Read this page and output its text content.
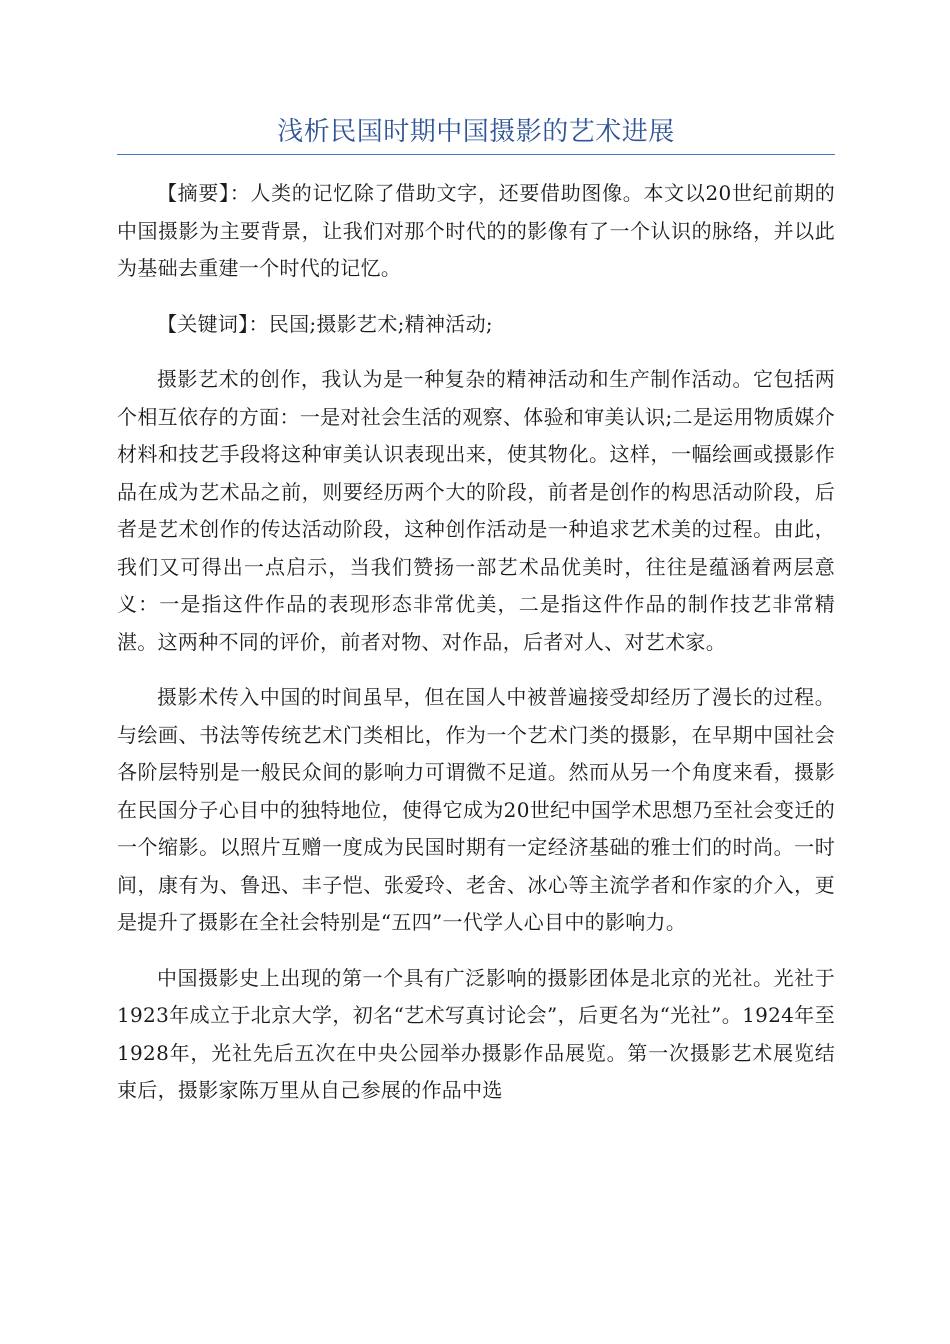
浅析民国时期中国摄影的艺术进展

【摘要】：人类的记忆除了借助文字，还要借助图像。本文以20世纪前期的中国摄影为主要背景，让我们对那个时代的的影像有了一个认识的脉络，并以此为基础去重建一个时代的记忆。

【关键词】：民国;摄影艺术;精神活动;

摄影艺术的创作，我认为是一种复杂的精神活动和生产制作活动。它包括两个相互依存的方面：一是对社会生活的观察、体验和审美认识;二是运用物质媒介材料和技艺手段将这种审美认识表现出来，使其物化。这样，一幅绘画或摄影作品在成为艺术品之前，则要经历两个大的阶段，前者是创作的构思活动阶段，后者是艺术创作的传达活动阶段，这种创作活动是一种追求艺术美的过程。由此，我们又可得出一点启示，当我们赞扬一部艺术品优美时，往往是蕴涵着两层意义：一是指这件作品的表现形态非常优美，二是指这件作品的制作技艺非常精湛。这两种不同的评价，前者对物、对作品，后者对人、对艺术家。

摄影术传入中国的时间虽早，但在国人中被普遍接受却经历了漫长的过程。与绘画、书法等传统艺术门类相比，作为一个艺术门类的摄影，在早期中国社会各阶层特别是一般民众间的影响力可谓微不足道。然而从另一个角度来看，摄影在民国分子心目中的独特地位，使得它成为20世纪中国学术思想乃至社会变迁的一个缩影。以照片互赠一度成为民国时期有一定经济基础的雅士们的时尚。一时间，康有为、鲁迅、丰子恺、张爱玲、老舍、冰心等主流学者和作家的介入，更是提升了摄影在全社会特别是“五四”一代学人心目中的影响力。

中国摄影史上出现的第一个具有广泛影响的摄影团体是北京的光社。光社于1923年成立于北京大学，初名“艺术写真讨论会”，后更名为“光社”。1924年至1928年，光社先后五次在中央公园举办摄影作品展览。第一次摄影艺术展览结束后，摄影家陈万里从自己参展的作品中选
